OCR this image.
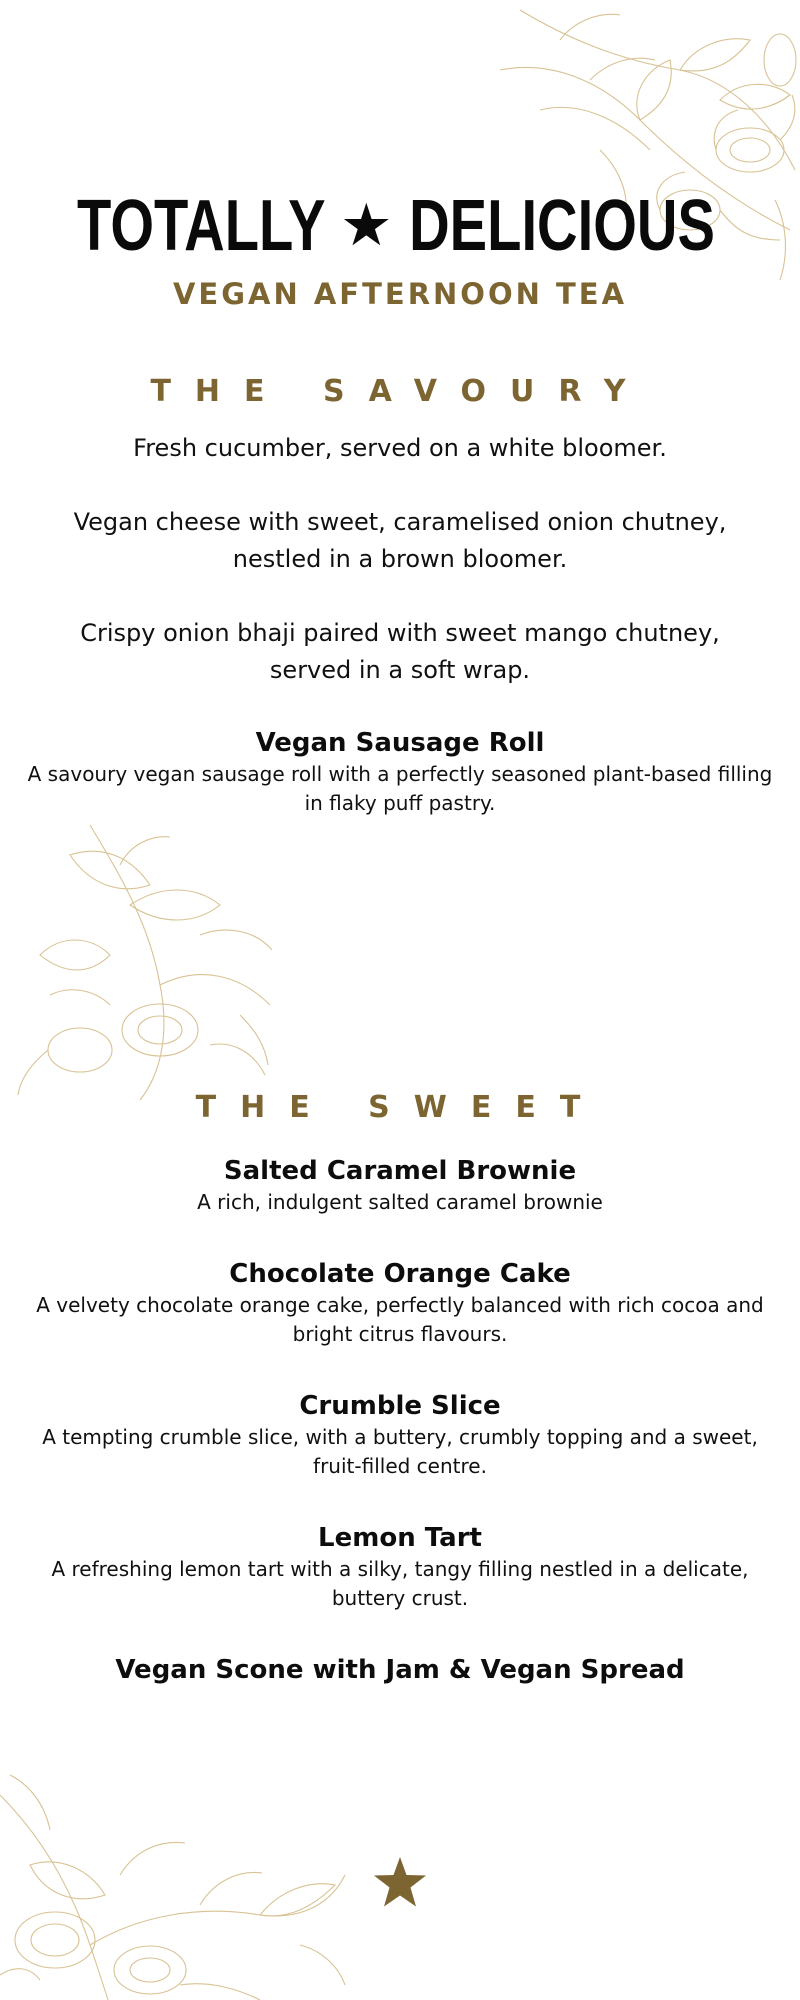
TOTALLY ★ DELICIOUS
VEGAN AFTERNOON TEA
THE SAVOURY
Fresh cucumber, served on a white bloomer.
Vegan cheese with sweet, caramelised onion chutney, nestled in a brown bloomer.
Crispy onion bhaji paired with sweet mango chutney, served in a soft wrap.
Vegan Sausage Roll
A savoury vegan sausage roll with a perfectly seasoned plant-based filling in flaky puff pastry.
THE SWEET
Salted Caramel Brownie
A rich, indulgent salted caramel brownie
Chocolate Orange Cake
A velvety chocolate orange cake, perfectly balanced with rich cocoa and bright citrus flavours.
Crumble Slice
A tempting crumble slice, with a buttery, crumbly topping and a sweet, fruit-filled centre.
Lemon Tart
A refreshing lemon tart with a silky, tangy filling nestled in a delicate, buttery crust.
Vegan Scone with Jam & Vegan Spread
